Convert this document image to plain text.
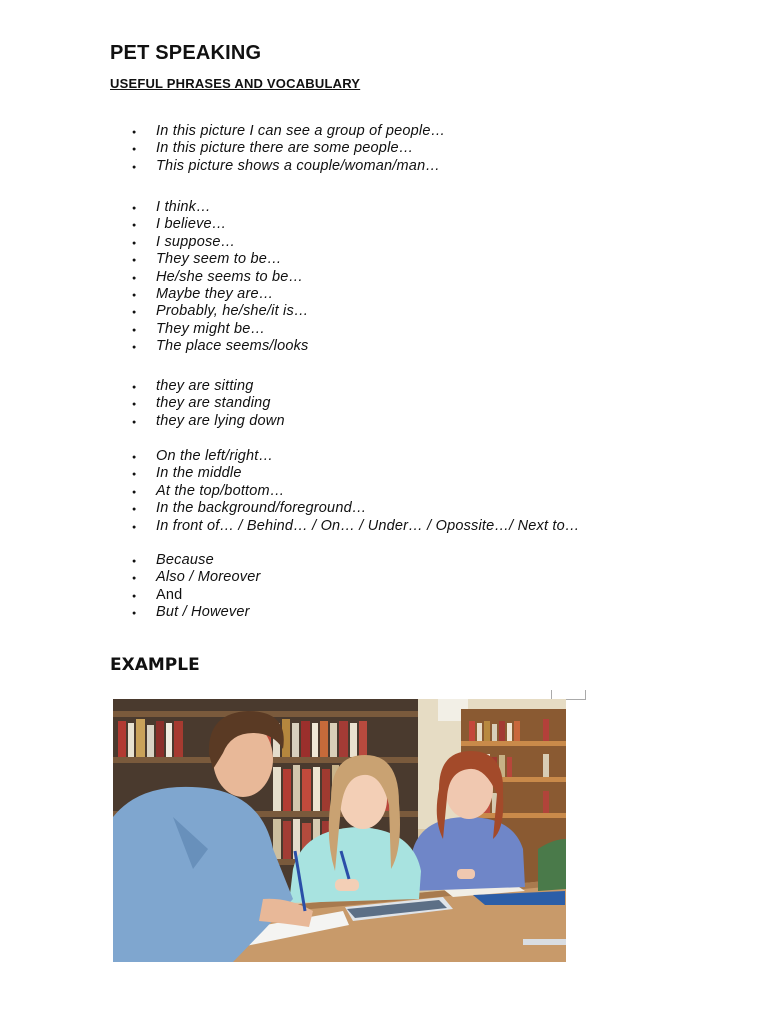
PET SPEAKING
USEFUL PHRASES AND VOCABULARY
● In this picture I can see a group of people…
● In this picture there are some people…
● This picture shows a couple/woman/man…
● I think…
● I believe…
● I suppose…
● They seem to be…
● He/she seems to be…
● Maybe they are…
● Probably, he/she/it is…
● They might be…
● The place seems/looks
● they are sitting
● they are standing
● they are lying down
● On the left/right…
● In the middle
● At the top/bottom…
● In the background/foreground…
● In front of… / Behind… / On… / Under… / Opossite…/ Next to…
● Because
● Also / Moreover
● And
● But / However
EXAMPLE
